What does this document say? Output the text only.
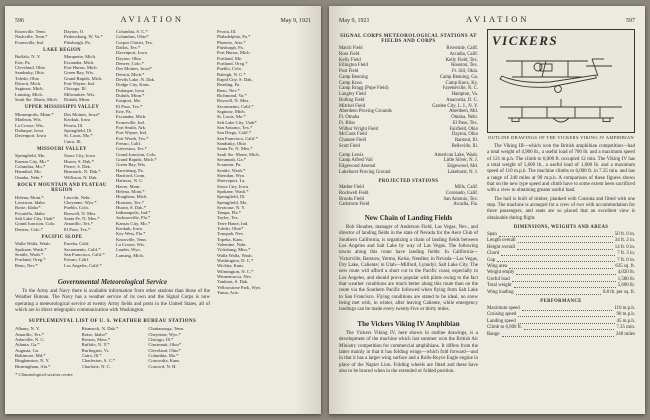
596	AVIATION	May 9, 1921
Knoxville, Tenn.
Nashville, Tenn.*
Evansville, Ind.
Dayton, O.
Parkersburg, W. Va.*
Pittsburgh, Pa.
LAKE REGION
Buffalo, N. Y.
Erie, Pa.
Cleveland, Ohio
Sandusky, Ohio
Toledo, Ohio
Detroit, Mich.
Saginaw, Mich.
Lansing, Mich.
Sault Ste. Marie, Mich.
Marquette, Mich.
Escanaba, Mich.
Port Huron, Mich.
Green Bay, Wis.
Grand Rapids, Mich.
Fort Wayne, Ind.
Chicago, Ill.
Milwaukee, Wis.
Duluth, Minn.
UPPER MISSISSIPPI VALLEY
Minneapolis, Minn.*
Madison, Wis.
La Crosse, Wis.
Dubuque, Iowa
Davenport, Iowa
Des Moines, Iowa*
Keokuk, Iowa
Peoria, Ill.
Springfield, Ill.
St. Louis, Mo.*
Cairo, Ill.
MISSOURI VALLEY
Springfield, Mo.
Kansas City, Mo.*
Columbia, Mo.*
Hannibal, Mo.
Omaha, Nebr.*
Sioux City, Iowa
Huron, S. Dak.*
Pierre, S. Dak.
Bismarck, N. Dak.*
Williston, N. Dak.
ROCKY MOUNTAIN AND PLATEAU REGION
Helena, Mont.*
Lewiston, Idaho
Boise, Idaho*
Pocatello, Idaho
Salt Lake City, Utah*
Grand Junction, Colo.
Denver, Colo.*
Lincoln, Nebr.
Cheyenne, Wyo.*
Pueblo, Colo.
Roswell, N. Mex.
Santa Fe, N. Mex.*
Amarillo, Tex.*
El Paso, Tex.*
PACIFIC SLOPE
Walla Walla, Wash.
Spokane, Wash.*
Seattle, Wash.*
Portland, Oreg.*
Reno, Nev.*
Eureka, Calif.
Sacramento, Calif.*
San Francisco, Calif.*
Fresno, Calif.
Los Angeles, Calif.*
Columbia, S. C.*
Columbus, Ohio*
Corpus Christi, Tex.
Dallas, Tex.*
Davenport, Iowa
Dayton, Ohio
Denver, Colo.*
Des Moines, Iowa*
Detroit, Mich.*
Devils Lake, N. Dak.
Dodge City, Kans.
Dubuque, Iowa
Duluth, Minn.*
Eastport, Me.
El Paso, Tex.*
Erie, Pa.
Escanaba, Mich.
Evansville, Ind.
Fort Smith, Ark.
Fort Wayne, Ind.
Fort Worth, Tex.*
Fresno, Calif.
Galveston, Tex.*
Grand Junction, Colo.
Grand Rapids, Mich.*
Green Bay, Wis.
Harrisburg, Pa.
Hartford, Conn.
Hatteras, N. C.
Havre, Mont.
Helena, Mont.*
Houghton, Mich.
Houston, Tex.*
Huron, S. Dak.*
Indianapolis, Ind.*
Jacksonville, Fla.*
Kansas City, Mo.*
Keokuk, Iowa
Key West, Fla.*
Knoxville, Tenn.
La Crosse, Wis.
Lander, Wyo.
Lansing, Mich.
Peoria, Ill.
Philadelphia, Pa.*
Phoenix, Ariz.*
Pittsburgh, Pa.
Port Huron, Mich.
Portland, Me.
Portland, Oreg.*
Pueblo, Colo.
Raleigh, N. C.*
Rapid City, S. Dak.
Reading, Pa.
Reno, Nev.*
Richmond, Va.*
Roswell, N. Mex.
Sacramento, Calif.*
Saginaw, Mich.
St. Louis, Mo.*
Salt Lake City, Utah*
San Antonio, Tex.*
San Diego, Calif.*
San Francisco, Calif.*
Sandusky, Ohio
Santa Fe, N. Mex.*
Sault Ste. Marie, Mich.
Savannah, Ga.*
Scranton, Pa.
Seattle, Wash.*
Sheridan, Wyo.
Shreveport, La.
Sioux City, Iowa
Spokane, Wash.*
Springfield, Ill.
Springfield, Mo.
Syracuse, N. Y.
Tampa, Fla.*
Taylor, Tex.
Terre Haute, Ind.
Toledo, Ohio*
Tonopah, Nev.
Topeka, Kans.
Valentine, Nebr.
Vicksburg, Miss.*
Walla Walla, Wash.
Washington, D. C.*
Wichita, Kans.
Wilmington, N. C.*
Winnemucca, Nev.
Yankton, S. Dak.
Yellowstone Park, Wyo.
Yuma, Ariz.
Governmental Meteorological Service
To the Army and Navy there is available information from other stations than those of the Weather Bureau. The Navy has a weather service of its own and the Signal Corps is now operating a meteorological service at twenty Army fields and posts in the United States, all of which are in direct telegraphic communication with Washington.
SUPPLEMENTAL LIST OF U. S. WEATHER BUREAU STATIONS
Albany, N. Y.
Amarillo, Tex.*
Asheville, N. C.
Atlanta, Ga.*
Augusta, Ga.
Baltimore, Md.*
Binghamton, N. Y.
Birmingham, Ala.*
Bismarck, N. Dak.*
Boise, Idaho*
Boston, Mass.*
Buffalo, N. Y.*
Burlington, Vt.
Cairo, Ill.*
Charleston, S. C.*
Charlotte, N. C.
Chattanooga, Tenn.
Cheyenne, Wyo.*
Chicago, Ill.*
Cincinnati, Ohio*
Cleveland, Ohio*
Columbia, Mo.*
Concordia, Kans.
Concord, N. H.
* Climatological section center.
May 9, 1921	AVIATION	597
SIGNAL CORPS METEOROLOGICAL STATIONS AT FIELDS AND CORPS
March Field	Riverside, Calif.
Ross Field	Arcadia, Calif.
Kelly Field	Kelly Field, Tex.
Ellington Field	Houston, Tex.
Post Field	Ft. Sill, Okla.
Camp Benning	Camp Benning, Ga.
Camp Knox	Camp Knox, Ky.
Camp Bragg (Pope Field)	Fayetteville, N. C.
Langley Field	Hampton, Va.
Bolling Field	Anacostia, D. C.
Mitchel Field	Garden City, L. I., N. Y.
Aberdeen Proving Grounds	Aberdeen, Md.
Ft. Omaha	Omaha, Nebr.
Ft. Bliss	El Paso, Tex.
Wilbur Wright Field	Fairfield, Ohio
McCook Field	Dayton, Ohio
Chanute Field	Rantoul, Ill.
Scott Field	Belleville, Ill.
Camp Lewis	American Lake, Wash.
Camp Alfred Vail	Little Silver, N. J.
Edgewood Arsenal	Edgewood, Md.
Lakehurst Proving Ground	Lakehurst, N. J.
PROJECTED STATIONS
Mather Field	Mills, Calif.
Rockwell Field	Coronado, Calif.
Brooks Field	San Antonio, Tex.
Carlstrom Field	Arcadia, Fla.
New Chain of Landing Fields
Bob Shoaber, manager of Anderson Field, Las Vegas, Nev., and director of landing fields in the state of Nevada for the Aero Club of Southern California, is organizing a chain of landing fields between Los Angeles and Salt Lake by way of Las Vegas. The following towns along this route have landing fields: In California—Victorville, Barstow, Yermo, Kelso, Needles; in Nevada—Las Vegas, Dry Lake, Caliente; in Utah—Milford, Lynndyl, Salt Lake City. The new route will afford a short cut to the Pacific coast, especially to Los Angeles, and should prove popular with pilots owing to the fact that weather conditions are much better along this route than on the route via the Southern Pacific followed when flying from Salt Lake to San Francisco. Flying conditions are stated to be ideal, no snow being met with, in winter, after leaving Caliente, while emergency landings can be made every twenty-five or thirty miles.
The Vickers Viking IV Amphibian
The Vickers Viking IV, here shown in outline drawings, is a development of the machine which last summer won the British Air Ministry competition for commercial amphibians. It differs from the latter mainly in that it has folding wings—which fold forward—and in that it has a larger wing surface and a Rolls-Royce Eagle engine in place of the Napier Lion. Folding wheels are fitted and these have also to be braced when in the extended or folded position.
VICKERS
OUTLINE DRAWINGS OF THE VICKERS VIKING IV AMPHIBIAN
The Viking III—which won the British amphibian competition—had a total weight of 4,900 lb., a useful load of 700 lb. and a maximum speed of 121 m.p.h. The climb to 6,000 ft. occupied 12 min. The Viking IV has a total weight of 5,600 lb., a useful load of 1,000 lb. and a maximum speed of 110 m.p.h. The machine climbs to 6,000 ft. in 7.35 min. and has a range of 240 miles at 90 m.p.h. A comparison of these figures shows that on the new type speed and climb have to some extent been sacrificed with a view to obtaining greater useful load.
The hull is built of timber, planked with Consuta and fitted with one step. The machine is arranged for a crew of two with accommodation for three passengers, and seats are so placed that an excellent view is obtainable during flight.
DIMENSIONS, WEIGHTS AND AREAS
Span	50 ft. 0 in.
Length overall	34 ft. 2 in.
Height overall	14 ft. 0 in.
Chord	7 ft. 3 in.
Gap	7 ft. 0 in.
Wing area	635 sq. ft.
Weight empty	4,020 lb.
Useful load	1,580 lb.
Total weight	5,600 lb.
Wing loading	8.8 lb. per sq. ft.
PERFORMANCE
Maximum speed	110 m.p.h.
Cruising speed	90 m.p.h.
Landing speed	45 m.p.h.
Climb to 6,000 ft.	7.35 min.
Range	240 miles
